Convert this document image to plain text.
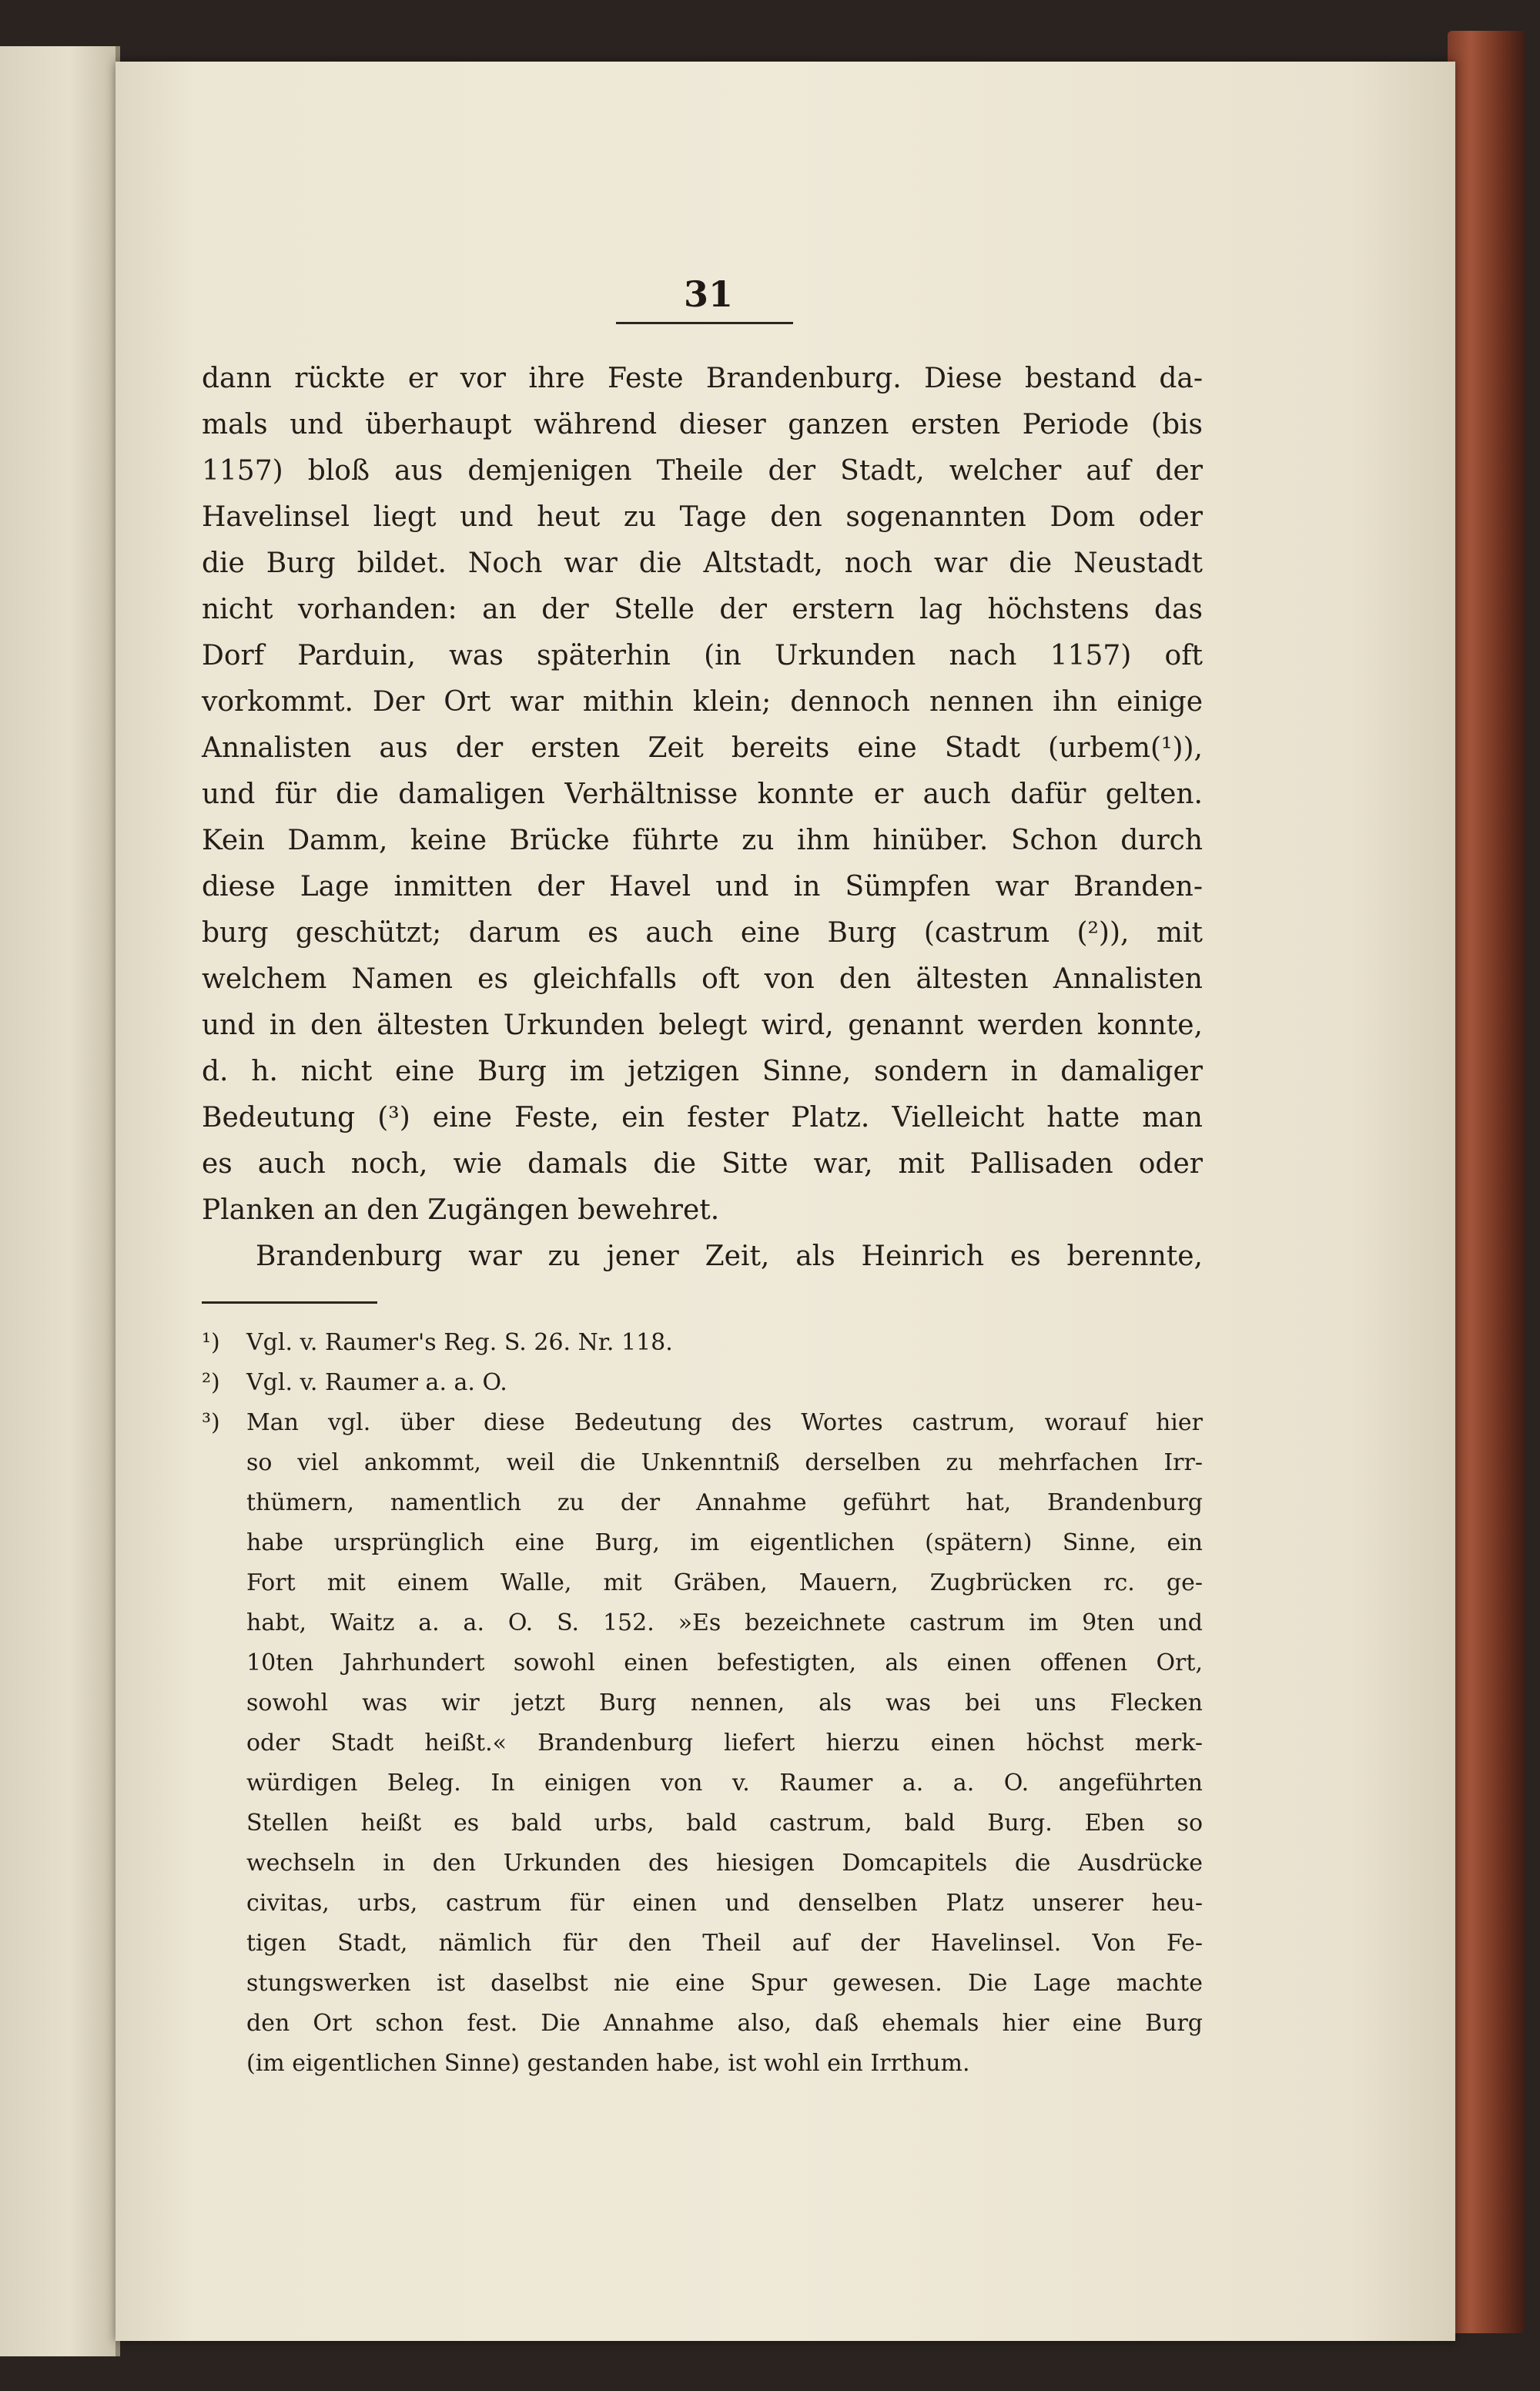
31
dann rückte er vor ihre Feste Brandenburg. Diese bestand da-
mals und überhaupt während dieser ganzen ersten Periode (bis
1157) bloß aus demjenigen Theile der Stadt, welcher auf der
Havelinsel liegt und heut zu Tage den sogenannten Dom oder
die Burg bildet. Noch war die Altstadt, noch war die Neustadt
nicht vorhanden: an der Stelle der erstern lag höchstens das
Dorf Parduin, was späterhin (in Urkunden nach 1157) oft
vorkommt. Der Ort war mithin klein; dennoch nennen ihn einige
Annalisten aus der ersten Zeit bereits eine Stadt (urbem(¹)),
und für die damaligen Verhältnisse konnte er auch dafür gelten.
Kein Damm, keine Brücke führte zu ihm hinüber. Schon durch
diese Lage inmitten der Havel und in Sümpfen war Branden-
burg geschützt; darum es auch eine Burg (castrum (²)), mit
welchem Namen es gleichfalls oft von den ältesten Annalisten
und in den ältesten Urkunden belegt wird, genannt werden konnte,
d. h. nicht eine Burg im jetzigen Sinne, sondern in damaliger
Bedeutung (³) eine Feste, ein fester Platz. Vielleicht hatte man
es auch noch, wie damals die Sitte war, mit Pallisaden oder
Planken an den Zugängen bewehret.
Brandenburg war zu jener Zeit, als Heinrich es berennte,
¹)	Vgl. v. Raumer's Reg. S. 26. Nr. 118.
²)	Vgl. v. Raumer a. a. O.
³)	Man vgl. über diese Bedeutung des Wortes castrum, worauf hier
so viel ankommt, weil die Unkenntniß derselben zu mehrfachen Irr-
thümern, namentlich zu der Annahme geführt hat, Brandenburg
habe ursprünglich eine Burg, im eigentlichen (spätern) Sinne, ein
Fort mit einem Walle, mit Gräben, Mauern, Zugbrücken rc. ge-
habt, Waitz a. a. O. S. 152. »Es bezeichnete castrum im 9ten und
10ten Jahrhundert sowohl einen befestigten, als einen offenen Ort,
sowohl was wir jetzt Burg nennen, als was bei uns Flecken
oder Stadt heißt.« Brandenburg liefert hierzu einen höchst merk-
würdigen Beleg. In einigen von v. Raumer a. a. O. angeführten
Stellen heißt es bald urbs, bald castrum, bald Burg. Eben so
wechseln in den Urkunden des hiesigen Domcapitels die Ausdrücke
civitas, urbs, castrum für einen und denselben Platz unserer heu-
tigen Stadt, nämlich für den Theil auf der Havelinsel. Von Fe-
stungswerken ist daselbst nie eine Spur gewesen. Die Lage machte
den Ort schon fest. Die Annahme also, daß ehemals hier eine Burg
(im eigentlichen Sinne) gestanden habe, ist wohl ein Irrthum.
